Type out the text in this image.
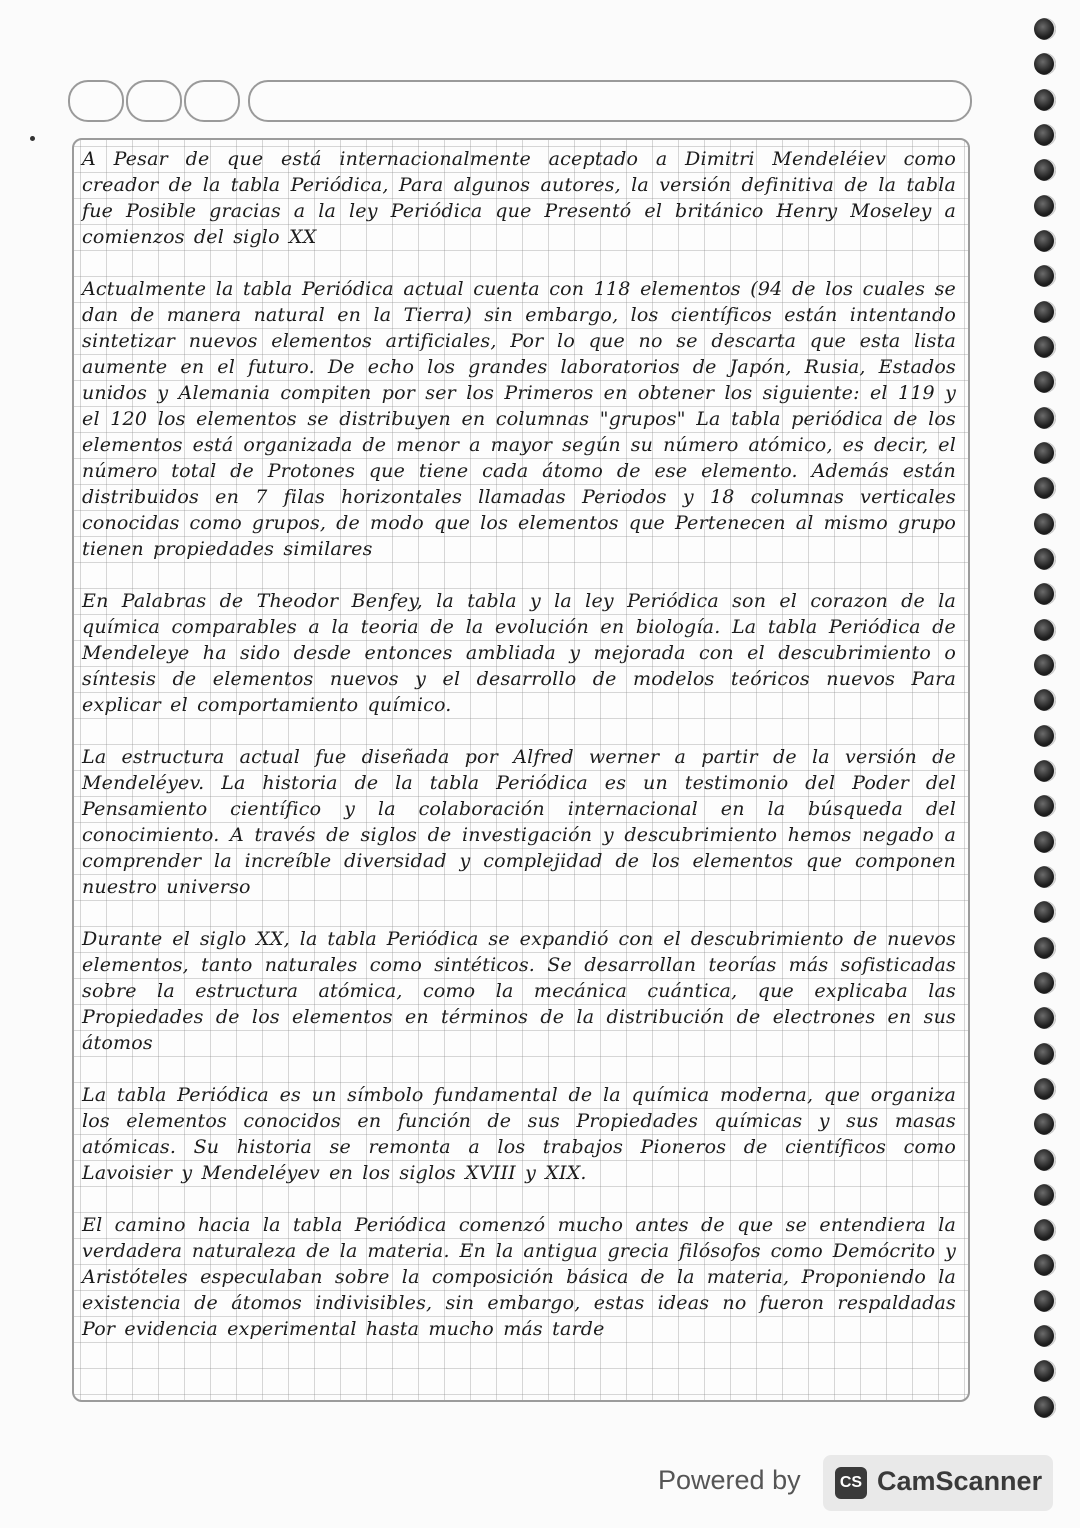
A Pesar de que está internacionalmente aceptado a Dimitri Mendeléiev como creador de la tabla Periódica, Para algunos autores, la versión definitiva de la tabla fue Posible gracias a la ley Periódica que Presentó el británico Henry Moseley a comienzos del siglo XX

Actualmente la tabla Periódica actual cuenta con 118 elementos (94 de los cuales se dan de manera natural en la Tierra) sin embargo, los científicos están intentando sintetizar nuevos elementos artificiales, Por lo que no se descarta que esta lista aumente en el futuro. De echo los grandes laboratorios de Japón, Rusia, Estados unidos y Alemania compiten por ser los Primeros en obtener los siguiente: el 119 y el 120 los elementos se distribuyen en columnas "grupos" La tabla periódica de los elementos está organizada de menor a mayor según su número atómico, es decir, el número total de Protones que tiene cada átomo de ese elemento. Además están distribuidos en 7 filas horizontales llamadas Periodos y 18 columnas verticales conocidas como grupos, de modo que los elementos que Pertenecen al mismo grupo tienen propiedades similares

En Palabras de Theodor Benfey, la tabla y la ley Periódica son el corazon de la química comparables a la teoria de la evolución en biología. La tabla Periódica de Mendeleye ha sido desde entonces ambliada y mejorada con el descubrimiento o síntesis de elementos nuevos y el desarrollo de modelos teóricos nuevos Para explicar el comportamiento químico.

La estructura actual fue diseñada por Alfred werner a partir de la versión de Mendeléyev. La historia de la tabla Periódica es un testimonio del Poder del Pensamiento científico y la colaboración internacional en la búsqueda del conocimiento. A través de siglos de investigación y descubrimiento hemos negado a comprender la increíble diversidad y complejidad de los elementos que componen nuestro universo

Durante el siglo XX, la tabla Periódica se expandió con el descubrimiento de nuevos elementos, tanto naturales como sintéticos. Se desarrollan teorías más sofisticadas sobre la estructura atómica, como la mecánica cuántica, que explicaba las Propiedades de los elementos en términos de la distribución de electrones en sus átomos

La tabla Periódica es un símbolo fundamental de la química moderna, que organiza los elementos conocidos en función de sus Propiedades químicas y sus masas atómicas. Su historia se remonta a los trabajos Pioneros de científicos como Lavoisier y Mendeléyev en los siglos XVIII y XIX.

El camino hacia la tabla Periódica comenzó mucho antes de que se entendiera la verdadera naturaleza de la materia. En la antigua grecia filósofos como Demócrito y Aristóteles especulaban sobre la composición básica de la materia, Proponiendo la existencia de átomos indivisibles, sin embargo, estas ideas no fueron respaldadas Por evidencia experimental hasta mucho más tarde

Powered by	CS CamScanner
